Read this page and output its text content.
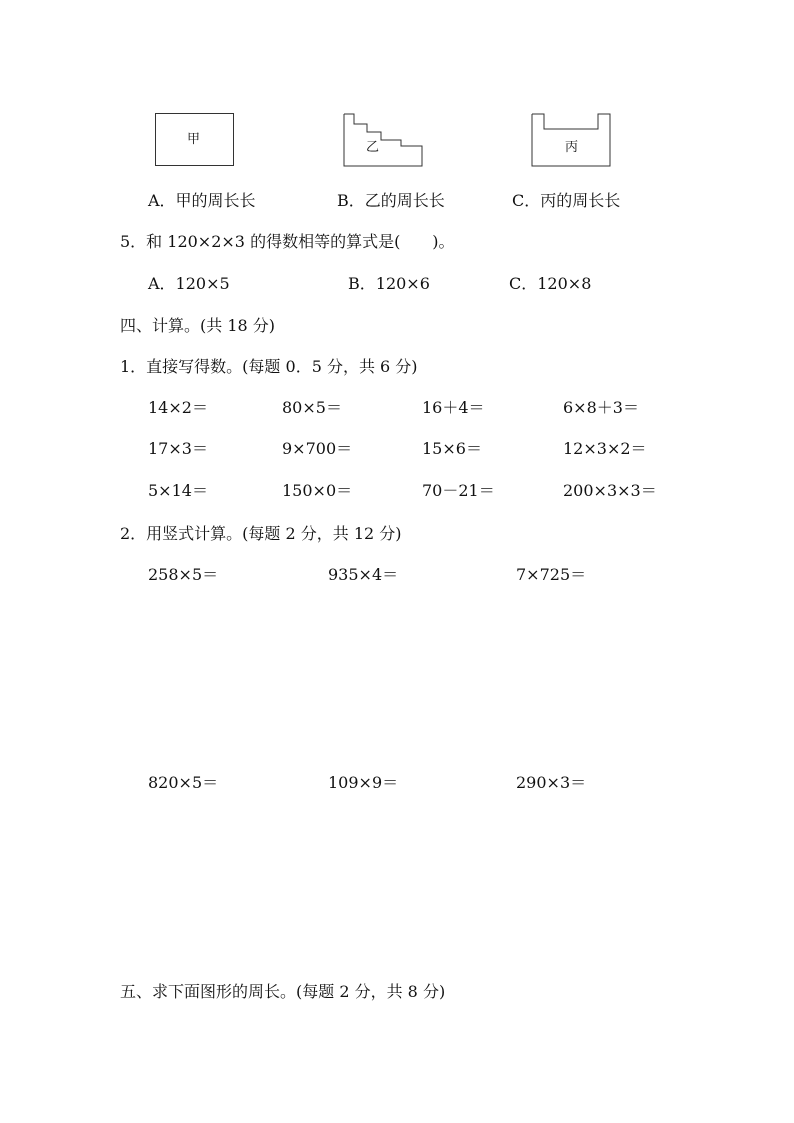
甲
乙	丙
A．甲的周长长	B．乙的周长长	C．丙的周长长
5．和 120×2×3 的得数相等的算式是(　　)。
A．120×5	B．120×6	C．120×8
四、计算。(共 18 分)
1．直接写得数。(每题 0．5 分，共 6 分)
14×2＝	80×5＝	16＋4＝	6×8＋3＝
17×3＝	9×700＝	15×6＝	12×3×2＝
5×14＝	150×0＝	70－21＝	200×3×3＝
2．用竖式计算。(每题 2 分，共 12 分)
258×5＝	935×4＝	7×725＝
820×5＝	109×9＝	290×3＝
五、求下面图形的周长。(每题 2 分，共 8 分)
